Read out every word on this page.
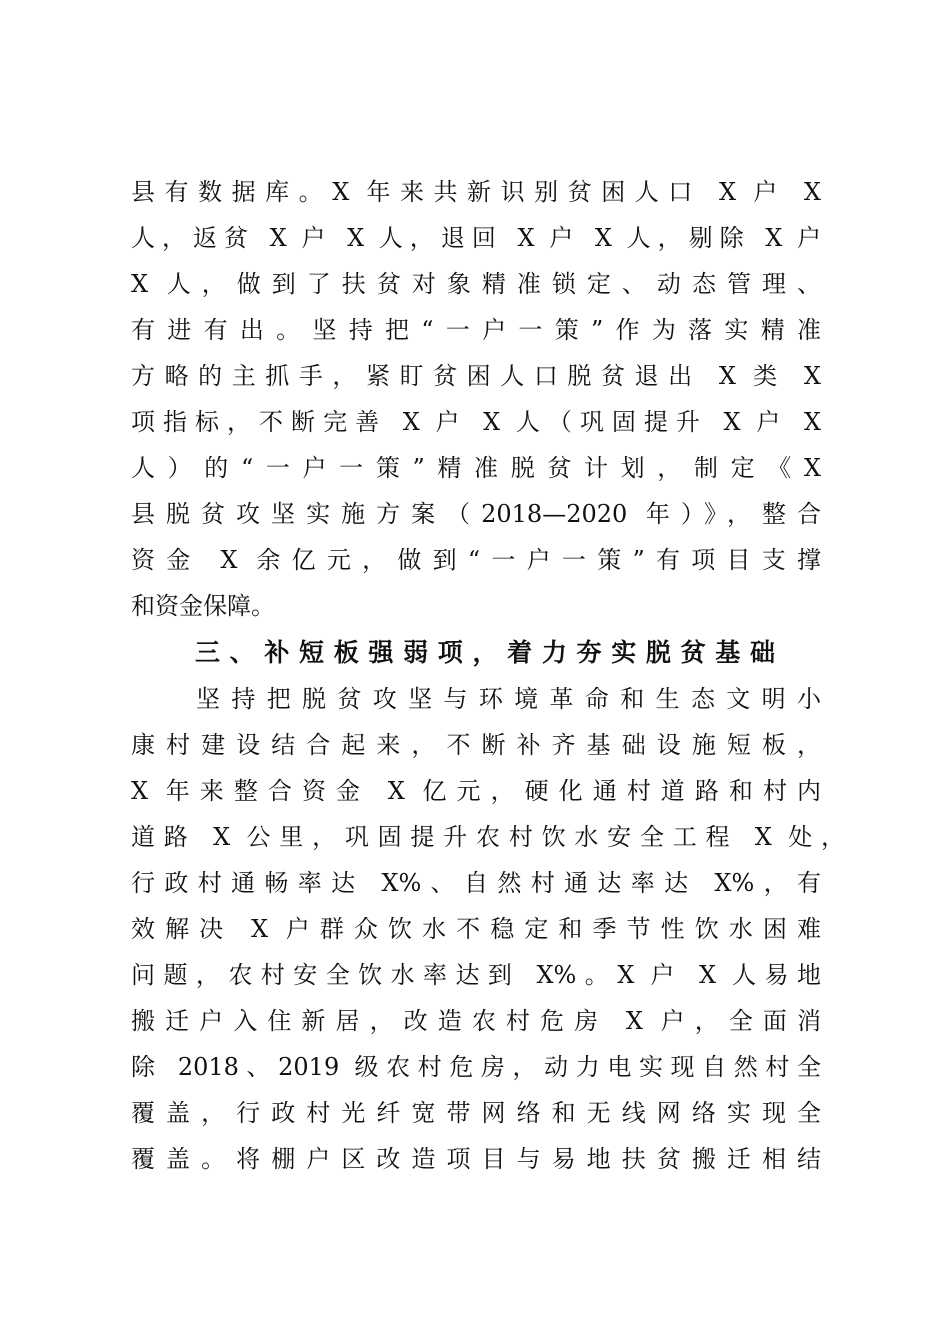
县有数据库。X 年来共新识别贫困人口 X 户 X
人，返贫 X 户 X 人，退回 X 户 X 人，剔除 X 户
X 人，做到了扶贫对象精准锁定、动态管理、
有进有出。坚持把“一户一策”作为落实精准
方略的主抓手，紧盯贫困人口脱贫退出 X 类 X
项指标，不断完善 X 户 X 人（巩固提升 X 户 X
人）的“一户一策”精准脱贫计划，制定《X
县脱贫攻坚实施方案（2018—2020 年）》，整合
资金 X 余亿元，做到“一户一策”有项目支撑
和资金保障。
三、补短板强弱项，着力夯实脱贫基础
坚持把脱贫攻坚与环境革命和生态文明小
康村建设结合起来，不断补齐基础设施短板，
X 年来整合资金 X 亿元，硬化通村道路和村内
道路 X 公里，巩固提升农村饮水安全工程 X 处，
行政村通畅率达 X%、自然村通达率达 X%，有
效解决 X 户群众饮水不稳定和季节性饮水困难
问题，农村安全饮水率达到 X%。X 户 X 人易地
搬迁户入住新居，改造农村危房 X 户，全面消
除 2018、2019 级农村危房，动力电实现自然村全
覆盖，行政村光纤宽带网络和无线网络实现全
覆盖。将棚户区改造项目与易地扶贫搬迁相结
